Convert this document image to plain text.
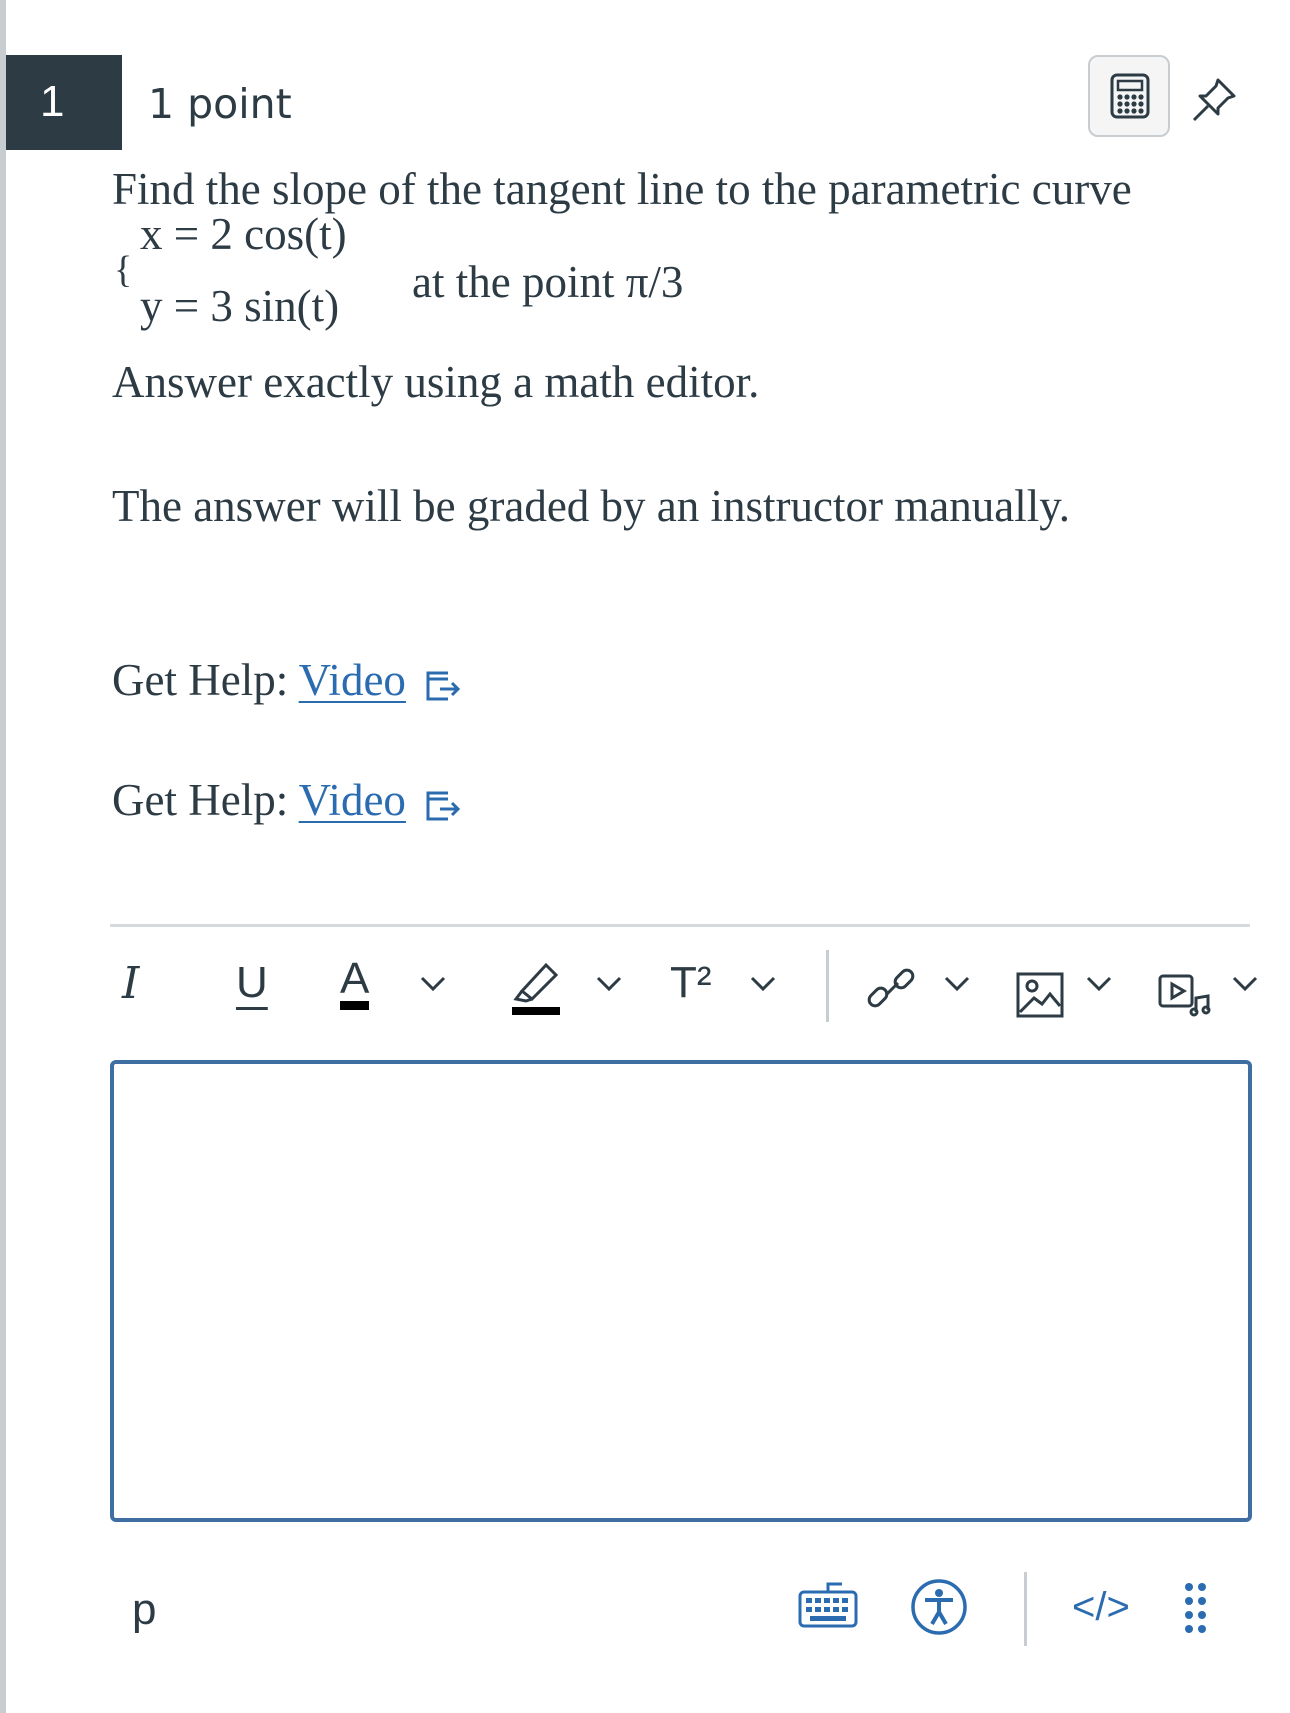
1 1 point
Find the slope of the tangent line to the parametric curve
x = 2 cos(t)
{
y = 3 sin(t) at the point π/3
Answer exactly using a math editor.
The answer will be graded by an instructor manually.
Get Help: Video
Get Help: Video
I U A	T²
p	</>
